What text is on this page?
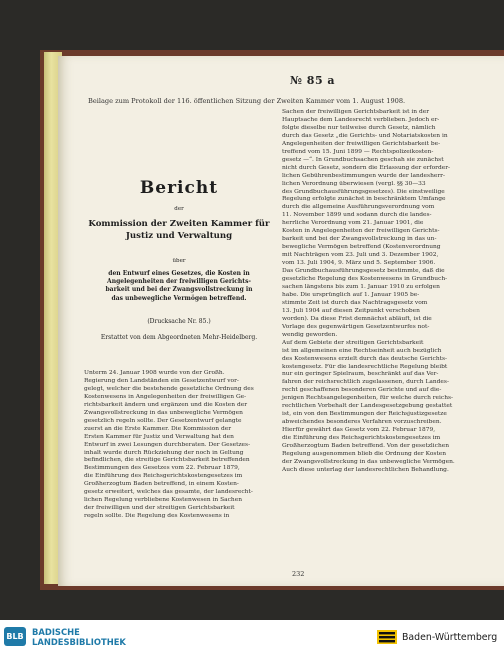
№ 85 a
Beilage zum Protokoll der 116. öffentlichen Sitzung der Zweiten Kammer vom 1. August 1908.
Bericht
der
Kommission der Zweiten Kammer für
Justiz und Verwaltung
über
den Entwurf eines Gesetzes, die Kosten in
Angelegenheiten der freiwilligen Gerichts-
barkeit und bei der Zwangsvollstreckung in
das unbewegliche Vermögen betreffend.
(Drucksache Nr. 85.)
Erstattet von dem Abgeordneten Mehr-Heidelberg.

Unterm 24. Januar 1908 wurde von der Großh.

Regierung den Landständen ein Gesetzentwurf vor-

gelegt, welcher die bestehende gesetzliche Ordnung des

Kostenwesens in Angelegenheiten der freiwilligen Ge-

richtsbarkeit ändern und ergänzen und die Kosten der

Zwangsvollstreckung in das unbewegliche Vermögen

gesetzlich regeln sollte. Der Gesetzentwurf gelangte

zuerst an die Erste Kammer. Die Kommission der

Ersten Kammer für Justiz und Verwaltung hat den

Entwurf in zwei Lesungen durchberaten. Der Gesetzes-

inhalt wurde durch Rückziehung der noch in Geltung

befindlichen, die streitige Gerichtsbarkeit betreffenden

Bestimmungen des Gesetzes vom 22. Februar 1879,

die Einführung des Reichsgerichtskostengesetzes im

Großherzogtum Baden betreffend, in einem Kosten-

gesetz erweitert, welches das gesamte, der landesrecht-

lichen Regelung verbliebene Kostenwesen in Sachen

der freiwilligen und der streitigen Gerichtsbarkeit

regeln sollte. Die Regelung des Kostenwesens in

Sachen der freiwilligen Gerichtsbarkeit ist in der

Hauptsache dem Landesrecht verblieben. Jedoch er-

folgte dieselbe nur teilweise durch Gesetz, nämlich

durch das Gesetz „die Gerichts- und Notariatskosten in

Angelegenheiten der freiwilligen Gerichtsbarkeit be-

treffend vom 15. Juni 1899 — Rechtspolizeikosten-

gesetz —“. In Grundbuchsachen geschah sie zunächst

nicht durch Gesetz, sondern die Erlassung der erforder-

lichen Gebührenbestimmungen wurde der landesherr-

lichen Verordnung überwiesen (vergl. §§ 30—33

des Grundbuchausführungsgesetzes). Die einstweilige

Regelung erfolgte zunächst in beschränktem Umfange

durch die allgemeine Ausführungsverordnung vom

11. November 1899 und sodann durch die landes-

herrliche Verordnung vom 21. Januar 1901, die

Kosten in Angelegenheiten der freiwilligen Gerichts-

barkeit und bei der Zwangsvollstreckung in das un-

bewegliche Vermögen betreffend (Kostenverordnung

mit Nachträgen vom 23. Juli und 3. Dezember 1902,

vom 13. Juli 1904, 9. März und 5. September 1906.

Das Grundbuchausführungsgesetz bestimmte, daß die

gesetzliche Regelung des Kostenwesens in Grundbuch-

sachen längstens bis zum 1. Januar 1910 zu erfolgen

habe. Die ursprünglich auf 1. Januar 1905 be-

stimmte Zeit ist durch das Nachtragsgesetz vom

13. Juli 1904 auf diesen Zeitpunkt verschoben

worden). Da diese Frist demnächst abläuft, ist die

Vorlage des gegenwärtigen Gesetzentwurfes not-

wendig geworden.

Auf dem Gebiete der streitigen Gerichtsbarkeit

ist im allgemeinen eine Rechtseinheit auch bezüglich

des Kostenwesens erzielt durch das deutsche Gerichts-

kostengesetz. Für die landesrechtliche Regelung bleibt

nur ein geringer Spielraum, beschränkt auf das Ver-

fahren der reichsrechtlich zugelassenen, durch Landes-

recht geschaffenen besonderen Gerichte und auf die-

jenigen Rechtsangelegenheiten, für welche durch reichs-

rechtlichen Vorbehalt der Landesgesetzgebung gestattet

ist, ein von den Bestimmungen der Reichsjustizgesetze

abweichendes besonderes Verfahren vorzuschreiben.

Hierfür gewährt das Gesetz vom 22. Februar 1879,

die Einführung des Reichsgerichtskostengesetzes im

Großherzogtum Baden betreffend. Von der gesetzlichen

Regelung ausgenommen blieb die Ordnung der Kosten

der Zwangsvollstreckung in das unbewegliche Vermögen.

Auch diese unterlag der landesrechtlichen Behandlung.

232
BLB BADISCHE
LANDESBIBLIOTHEK	Baden-Württemberg
